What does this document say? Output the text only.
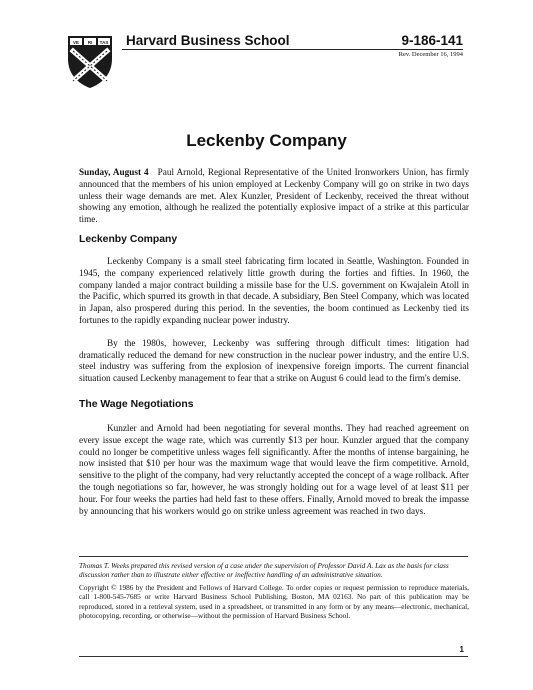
VE RI TAS Harvard Business School	9-186-141
Rev. December 16, 1994
Leckenby Company

Sunday, August 4 Paul Arnold, Regional Representative of the United Ironworkers Union, has firmly announced that the members of his union employed at Leckenby Company will go on strike in two days unless their wage demands are met. Alex Kunzler, President of Leckenby, received the threat without showing any emotion, although he realized the potentially explosive impact of a strike at this particular time.

Leckenby Company

Leckenby Company is a small steel fabricating firm located in Seattle, Washington. Founded in 1945, the company experienced relatively little growth during the forties and fifties. In 1960, the company landed a major contract building a missile base for the U.S. government on Kwajalein Atoll in the Pacific, which spurred its growth in that decade. A subsidiary, Ben Steel Company, which was located in Japan, also prospered during this period. In the seventies, the boom continued as Leckenby tied its fortunes to the rapidly expanding nuclear power industry.

By the 1980s, however, Leckenby was suffering through difficult times: litigation had dramatically reduced the demand for new construction in the nuclear power industry, and the entire U.S. steel industry was suffering from the explosion of inexpensive foreign imports. The current financial situation caused Leckenby management to fear that a strike on August 6 could lead to the firm's demise.

The Wage Negotiations

Kunzler and Arnold had been negotiating for several months. They had reached agreement on every issue except the wage rate, which was currently $13 per hour. Kunzler argued that the company could no longer be competitive unless wages fell significantly. After the months of intense bargaining, he now insisted that $10 per hour was the maximum wage that would leave the firm competitive. Arnold, sensitive to the plight of the company, had very reluctantly accepted the concept of a wage rollback. After the tough negotiations so far, however, he was strongly holding out for a wage level of at least $11 per hour. For four weeks the parties had held fast to these offers. Finally, Arnold moved to break the impasse by announcing that his workers would go on strike unless agreement was reached in two days.

Thomas T. Weeks prepared this revised version of a case under the supervision of Professor David A. Lax as the basis for class discussion rather than to illustrate either effective or ineffective handling of an administrative situation.
Copyright © 1986 by the President and Fellows of Harvard College. To order copies or request permission to reproduce materials, call 1-800-545-7685 or write Harvard Business School Publishing, Boston, MA 02163. No part of this publication may be reproduced, stored in a retrieval system, used in a spreadsheet, or transmitted in any form or by any means—electronic, mechanical, photocopying, recording, or otherwise—without the permission of Harvard Business School.
1
